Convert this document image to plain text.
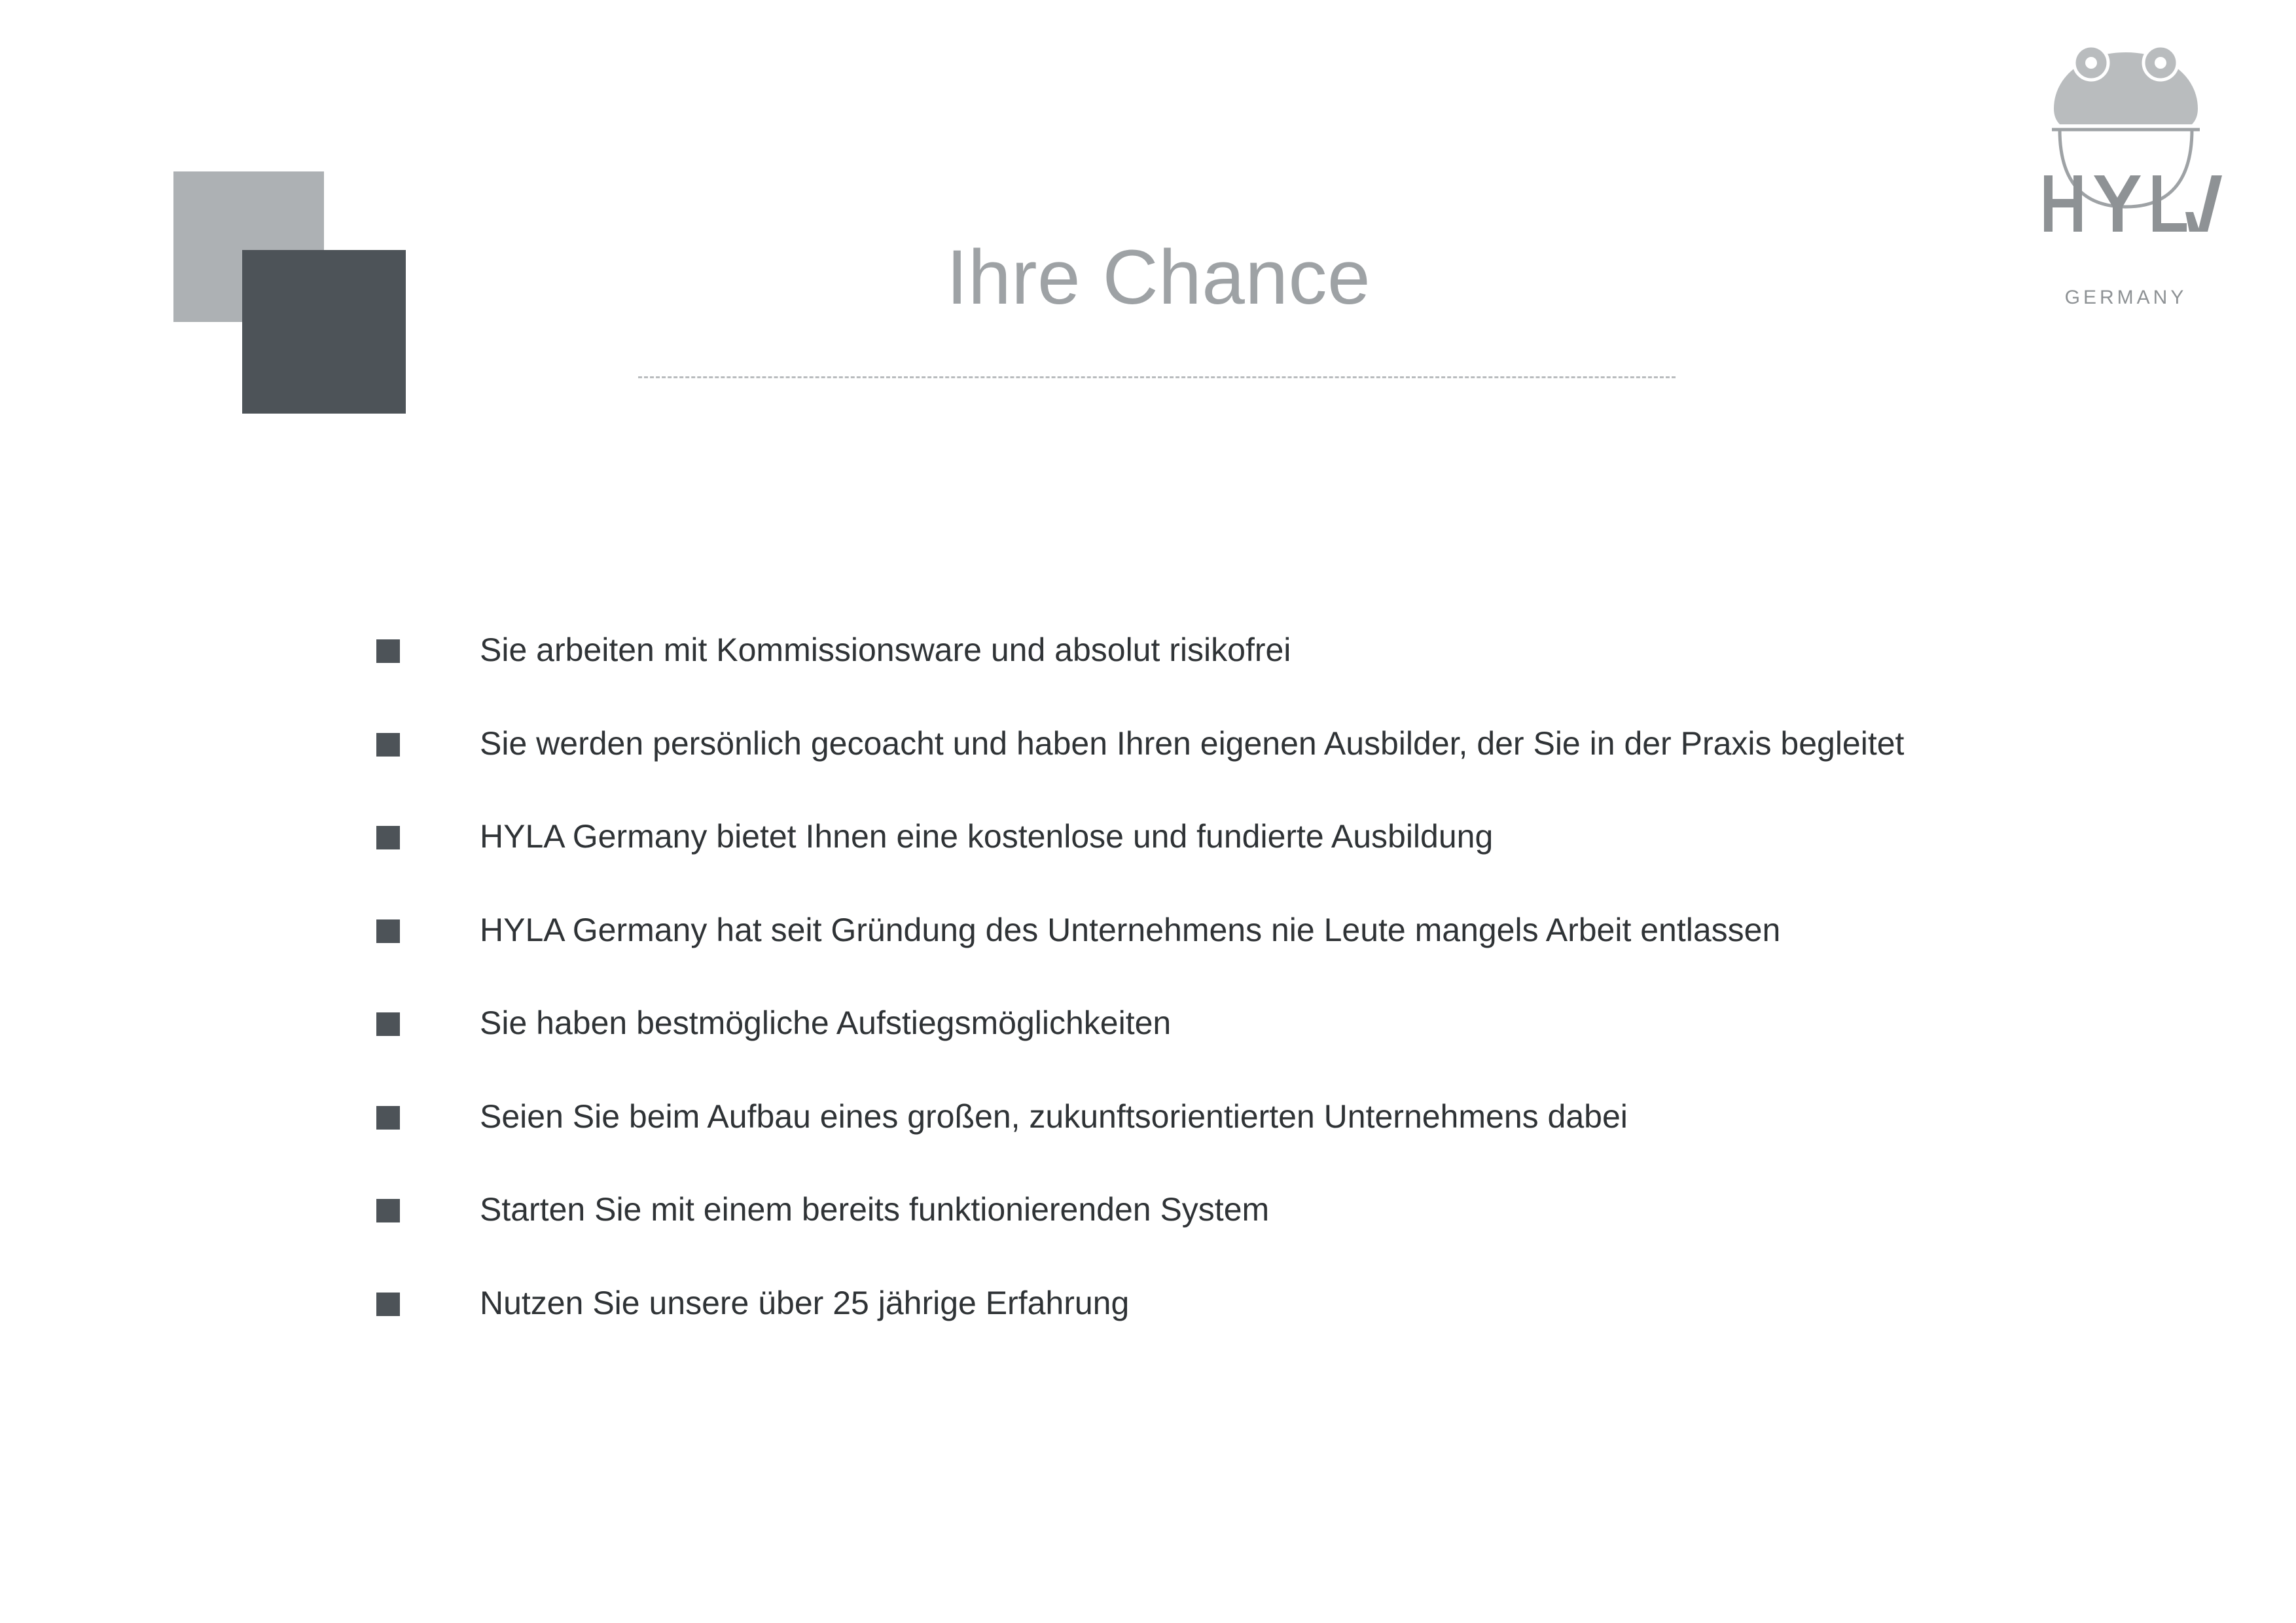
Ihre Chance	GERMANY
Sie arbeiten mit Kommissionsware und absolut risikofrei
Sie werden persönlich gecoacht und haben Ihren eigenen Ausbilder, der Sie in der Praxis begleitet
HYLA Germany bietet Ihnen eine kostenlose und fundierte Ausbildung
HYLA Germany hat seit Gründung des Unternehmens nie Leute mangels Arbeit entlassen
Sie haben bestmögliche Aufstiegsmöglichkeiten
Seien Sie beim Aufbau eines großen, zukunftsorientierten Unternehmens dabei
Starten Sie mit einem bereits funktionierenden System
Nutzen Sie unsere über 25 jährige Erfahrung
